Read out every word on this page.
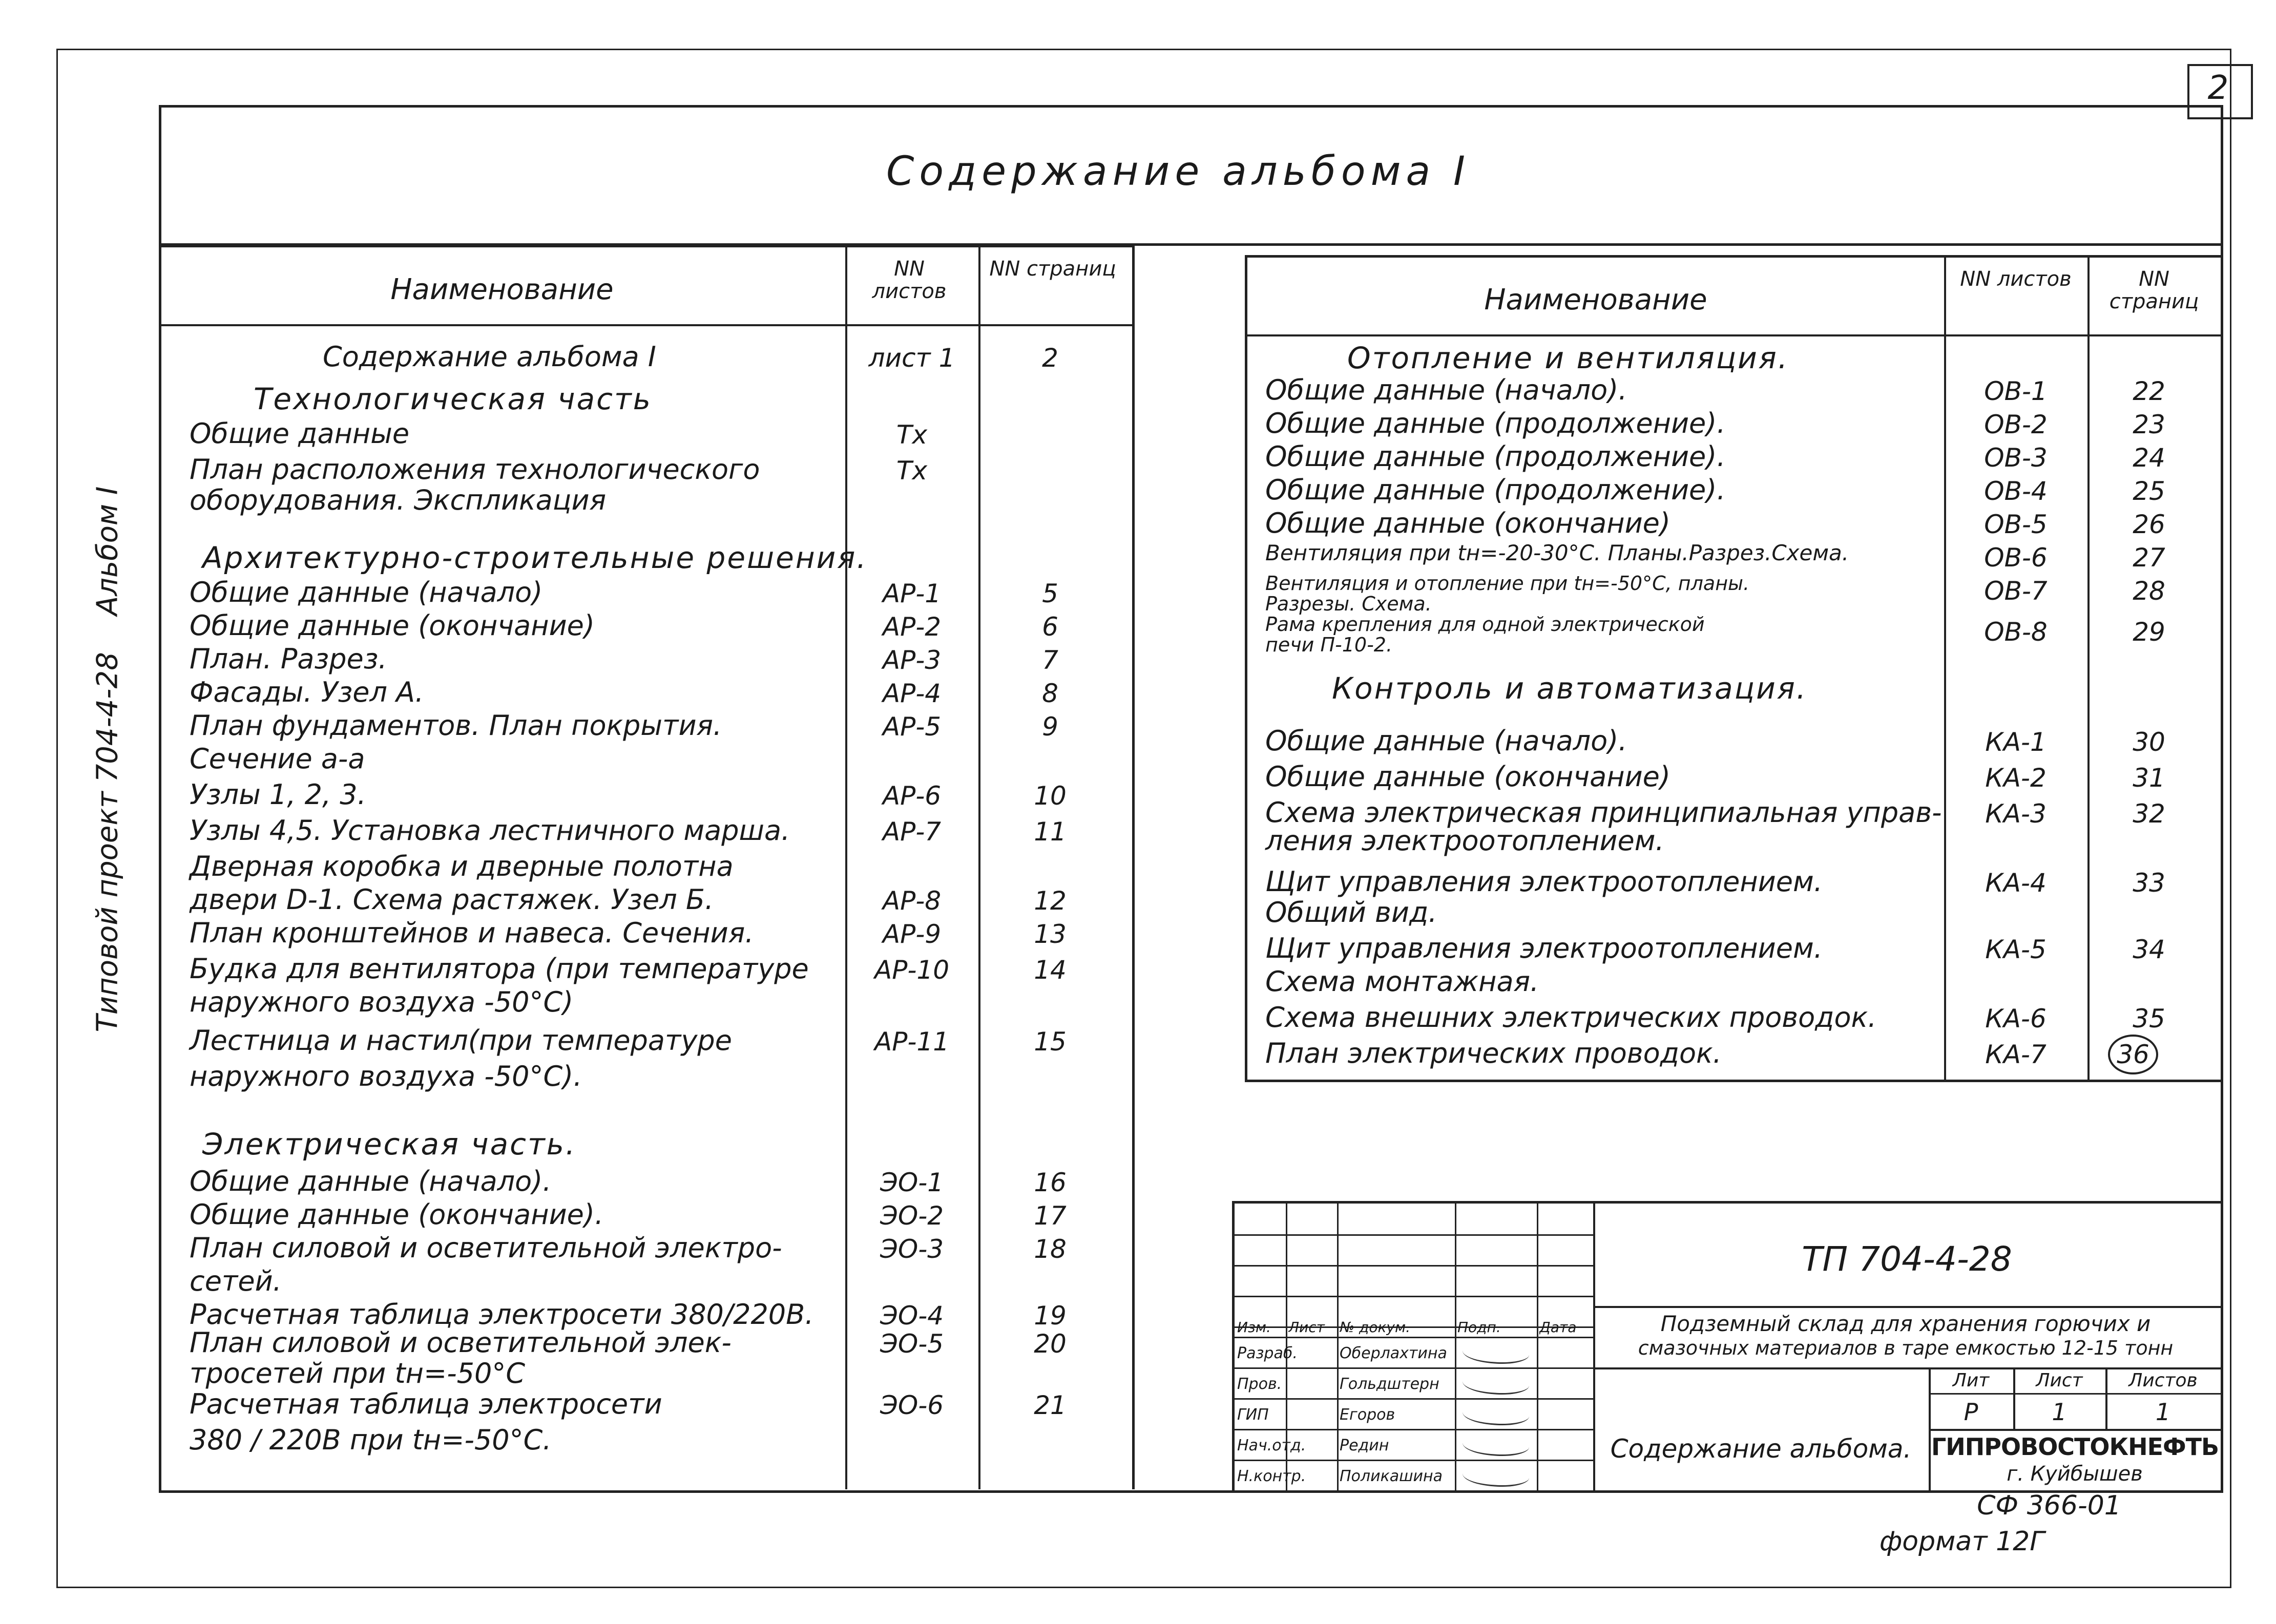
2
Типовой проект 704-4-28    Альбом I
Содержание альбома I
Наименование
NN листов
NN страниц
Содержание альбома I	лист 1	2
Технологическая часть
Общие данные	Тх
План расположения технологического	Тх
оборудования. Экспликация
Архитектурно-строительные решения.
Общие данные (начало)	АР-1	5
Общие данные (окончание)	АР-2	6
План. Разрез.	АР-3	7
Фасады. Узел А.	АР-4	8
План фундаментов. План покрытия.	АР-5	9
Сечение а-а
Узлы 1, 2, 3.	АР-6	10
Узлы 4,5. Установка лестничного марша.	АР-7	11
Дверная коробка и дверные полотна
двери D-1. Схема растяжек. Узел Б.	АР-8	12
План кронштейнов и навеса. Сечения.	АР-9	13
Будка для вентилятора (при температуре	АР-10	14
наружного воздуха -50°С)
Лестница и настил(при температуре	АР-11	15
наружного воздуха -50°С).
Электрическая часть.
Общие данные (начало).	ЭО-1	16
Общие данные (окончание).	ЭО-2	17
План силовой и осветительной электро-	ЭО-3	18
сетей.
Расчетная таблица электросети 380/220В.	ЭО-4	19
План силовой и осветительной элек-	ЭО-5	20
тросетей при tн=-50°С
Расчетная таблица электросети	ЭО-6	21
380 / 220В при tн=-50°С.
Наименование
NN листов	NN страниц
Отопление и вентиляция.
Общие данные (начало).	ОВ-1	22
Общие данные (продолжение).	ОВ-2	23
Общие данные (продолжение).	ОВ-3	24
Общие данные (продолжение).	ОВ-4	25
Общие данные (окончание)	ОВ-5	26
Вентиляция при tн=-20-30°С. Планы.Разрез.Схема.	ОВ-6	27
Вентиляция и отопление при tн=-50°С, планы.	ОВ-7	28
Разрезы. Схема.
Рама крепления для одной электрической	ОВ-8	29
печи П-10-2.
Контроль и автоматизация.
Общие данные (начало).	КА-1	30
Общие данные (окончание)	КА-2	31
Схема электрическая принципиальная управ-	КА-3	32
ления электроотоплением.
Щит управления электроотоплением.	КА-4	33
Общий вид.
Щит управления электроотоплением.	КА-5	34
Схема монтажная.
Схема внешних электрических проводок.	КА-6	35
План электрических проводок.	КА-7	36
ТП 704-4-28
Подземный склад для хранения горючих и
смазочных материалов в таре емкостью 12-15 тонн
Содержание альбома.
Лит	Лист	Листов
Р	1	1
ГИПРОВОСТОКНЕФТЬ
г. Куйбышев
Изм.	Лист	№ докум.	Подп.	Дата
Разраб.	Оберлахтина
Пров.	Гольдштерн
ГИП	Егоров
Нач.отд.	Редин
Н.контр.	Поликашина
СФ 366-01
формат 12Г
